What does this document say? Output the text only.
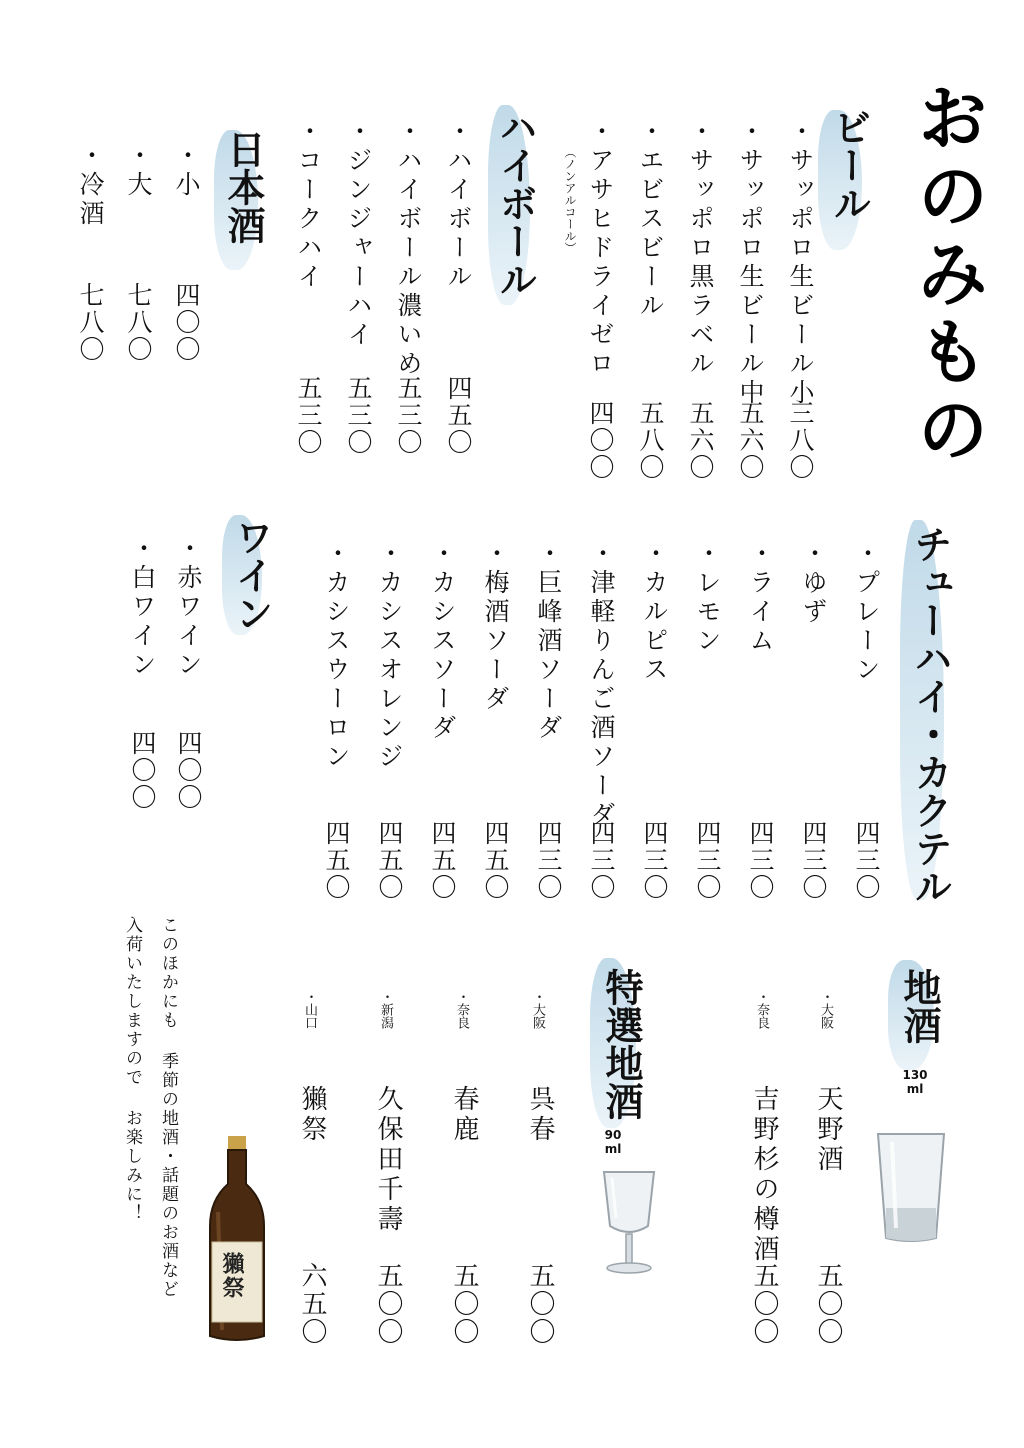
おのみもの
ビール
・サッポロ生ビール小
三八〇
・サッポロ生ビール中
五六〇
・サッポロ黒ラベル
五六〇
・エビスビール
五八〇
・アサヒドライゼロ
四〇〇
（ノンアルコール）
ハイボール
・ハイボール
四五〇
・ハイボール濃いめ
五三〇
・ジンジャーハイ
五三〇
・コークハイ
五三〇
日本酒
・小
四〇〇
・大
七八〇
・冷酒
七八〇
チューハイ・カクテル
・プレーン
四三〇
・ゆず
四三〇
・ライム
四三〇
・レモン
四三〇
・カルピス
四三〇
・津軽りんご酒ソーダ
四三〇
・巨峰酒ソーダ
四三〇
・梅酒ソーダ
四五〇
・カシスソーダ
四五〇
・カシスオレンジ
四五〇
・カシスウーロン
四五〇
ワイン
・赤ワイン
四〇〇
・白ワイン
四〇〇
地酒
130
ml
・大阪
天野酒
五〇〇
・奈良
吉野杉の樽酒
五〇〇
特選地酒
90
ml
・大阪
呉春
五〇〇
・奈良
春鹿
五〇〇
・新潟
久保田千壽
五〇〇
・山口
獺祭
六五〇
このほかにも 季節の地酒・話題のお酒など
入荷いたしますので お楽しみに！
獺祭
